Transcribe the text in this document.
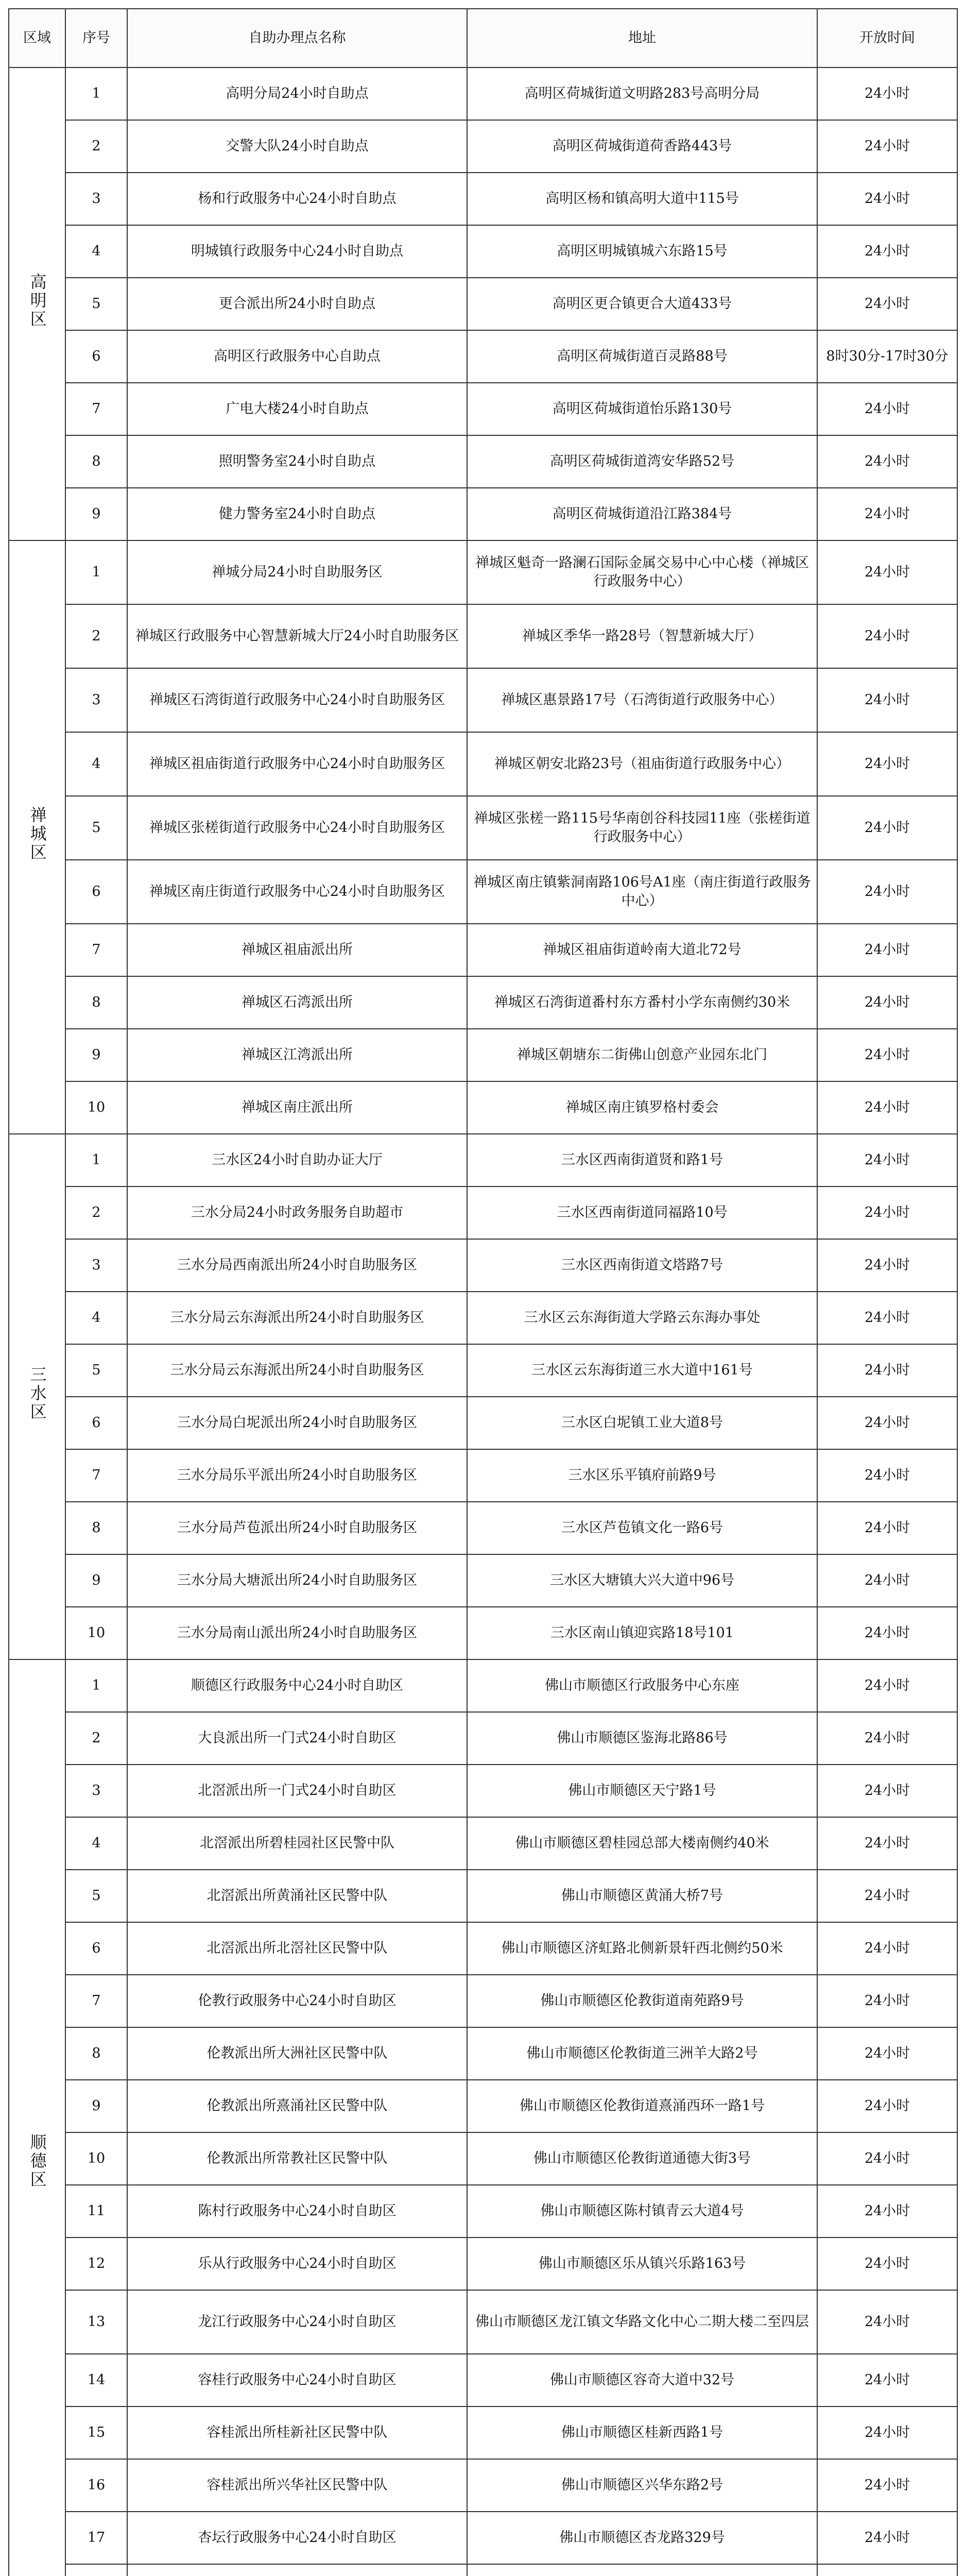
区域	序号	自助办理点名称	地址	开放时间
高明区	1	高明分局24小时自助点	高明区荷城街道文明路283号高明分局	24小时
	2	交警大队24小时自助点	高明区荷城街道荷香路443号	24小时
	3	杨和行政服务中心24小时自助点	高明区杨和镇高明大道中115号	24小时
	4	明城镇行政服务中心24小时自助点	高明区明城镇城六东路15号	24小时
	5	更合派出所24小时自助点	高明区更合镇更合大道433号	24小时
	6	高明区行政服务中心自助点	高明区荷城街道百灵路88号	8时30分-17时30分
	7	广电大楼24小时自助点	高明区荷城街道怡乐路130号	24小时
	8	照明警务室24小时自助点	高明区荷城街道湾安华路52号	24小时
	9	健力警务室24小时自助点	高明区荷城街道沿江路384号	24小时
禅城区	1	禅城分局24小时自助服务区	禅城区魁奇一路澜石国际金属交易中心中心楼（禅城区行政服务中心）	24小时
	2	禅城区行政服务中心智慧新城大厅24小时自助服务区	禅城区季华一路28号（智慧新城大厅）	24小时
	3	禅城区石湾街道行政服务中心24小时自助服务区	禅城区惠景路17号（石湾街道行政服务中心）	24小时
	4	禅城区祖庙街道行政服务中心24小时自助服务区	禅城区朝安北路23号（祖庙街道行政服务中心）	24小时
	5	禅城区张槎街道行政服务中心24小时自助服务区	禅城区张槎一路115号华南创谷科技园11座（张槎街道行政服务中心）	24小时
	6	禅城区南庄街道行政服务中心24小时自助服务区	禅城区南庄镇紫洞南路106号A1座（南庄街道行政服务中心）	24小时
	7	禅城区祖庙派出所	禅城区祖庙街道岭南大道北72号	24小时
	8	禅城区石湾派出所	禅城区石湾街道番村东方番村小学东南侧约30米	24小时
	9	禅城区江湾派出所	禅城区朝塘东二街佛山创意产业园东北门	24小时
	10	禅城区南庄派出所	禅城区南庄镇罗格村委会	24小时
三水区	1	三水区24小时自助办证大厅	三水区西南街道贤和路1号	24小时
	2	三水分局24小时政务服务自助超市	三水区西南街道同福路10号	24小时
	3	三水分局西南派出所24小时自助服务区	三水区西南街道文塔路7号	24小时
	4	三水分局云东海派出所24小时自助服务区	三水区云东海街道大学路云东海办事处	24小时
	5	三水分局云东海派出所24小时自助服务区	三水区云东海街道三水大道中161号	24小时
	6	三水分局白坭派出所24小时自助服务区	三水区白坭镇工业大道8号	24小时
	7	三水分局乐平派出所24小时自助服务区	三水区乐平镇府前路9号	24小时
	8	三水分局芦苞派出所24小时自助服务区	三水区芦苞镇文化一路6号	24小时
	9	三水分局大塘派出所24小时自助服务区	三水区大塘镇大兴大道中96号	24小时
	10	三水分局南山派出所24小时自助服务区	三水区南山镇迎宾路18号101	24小时
顺德区	1	顺德区行政服务中心24小时自助区	佛山市顺德区行政服务中心东座	24小时
	2	大良派出所一门式24小时自助区	佛山市顺德区鉴海北路86号	24小时
	3	北滘派出所一门式24小时自助区	佛山市顺德区天宁路1号	24小时
	4	北滘派出所碧桂园社区民警中队	佛山市顺德区碧桂园总部大楼南侧约40米	24小时
	5	北滘派出所黄涌社区民警中队	佛山市顺德区黄涌大桥7号	24小时
	6	北滘派出所北滘社区民警中队	佛山市顺德区济虹路北侧新景轩西北侧约50米	24小时
	7	伦教行政服务中心24小时自助区	佛山市顺德区伦教街道南苑路9号	24小时
	8	伦教派出所大洲社区民警中队	佛山市顺德区伦教街道三洲羊大路2号	24小时
	9	伦教派出所熹涌社区民警中队	佛山市顺德区伦教街道熹涌西环一路1号	24小时
	10	伦教派出所常教社区民警中队	佛山市顺德区伦教街道通德大街3号	24小时
	11	陈村行政服务中心24小时自助区	佛山市顺德区陈村镇青云大道4号	24小时
	12	乐从行政服务中心24小时自助区	佛山市顺德区乐从镇兴乐路163号	24小时
	13	龙江行政服务中心24小时自助区	佛山市顺德区龙江镇文华路文化中心二期大楼二至四层	24小时
	14	容桂行政服务中心24小时自助区	佛山市顺德区容奇大道中32号	24小时
	15	容桂派出所桂新社区民警中队	佛山市顺德区桂新西路1号	24小时
	16	容桂派出所兴华社区民警中队	佛山市顺德区兴华东路2号	24小时
	17	杏坛行政服务中心24小时自助区	佛山市顺德区杏龙路329号	24小时
